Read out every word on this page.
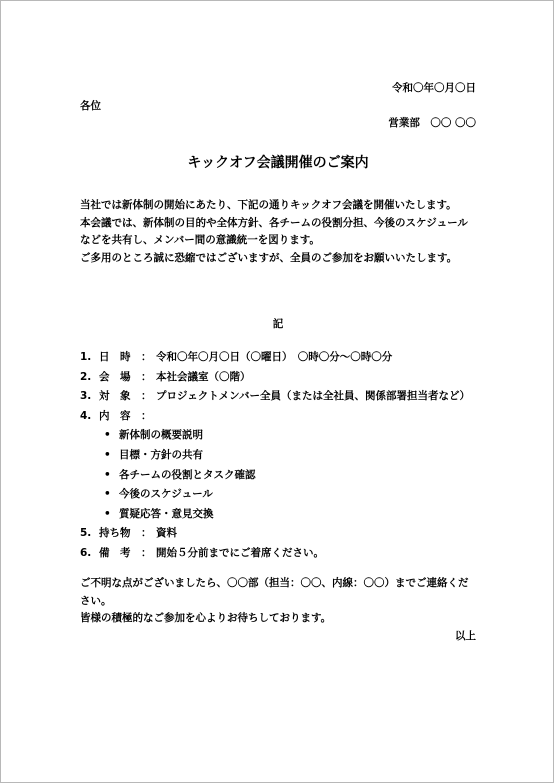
令和〇年〇月〇日
各位
営業部　〇〇 〇〇
キックオフ会議開催のご案内

当社では新体制の開始にあたり、下記の通りキックオフ会議を開催いたします。

本会議では、新体制の目的や全体方針、各チームの役割分担、今後のスケジュールなどを共有し、メンバー間の意識統一を図ります。

ご多用のところ誠に恐縮ではございますが、全員のご参加をお願いいたします。

記
1. 日　時　： 令和〇年〇月〇日（〇曜日）　〇時〇分～〇時〇分
2. 会　場　： 本社会議室（〇階）
3. 対　象　： プロジェクトメンバー全員（または全社員、関係部署担当者など）
4. 内　容　：
• 新体制の概要説明
• 目標・方針の共有
• 各チームの役割とタスク確認
• 今後のスケジュール
• 質疑応答・意見交換
5. 持ち物　： 資料
6. 備　考　： 開始５分前までにご着席ください。

ご不明な点がございましたら、〇〇部（担当：〇〇、内線：〇〇）までご連絡ください。

皆様の積極的なご参加を心よりお待ちしております。

以上
